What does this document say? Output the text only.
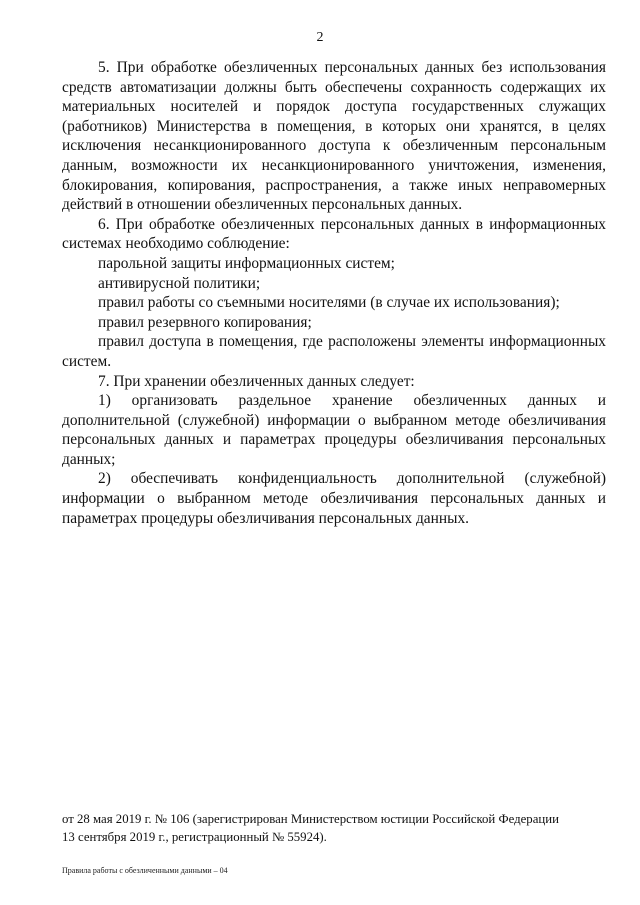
2

5. При обработке обезличенных персональных данных без использования средств автоматизации должны быть обеспечены сохранность содержащих их материальных носителей и порядок доступа государственных служащих (работников) Министерства в помещения, в которых они хранятся, в целях исключения несанкционированного доступа к обезличенным персональным данным, возможности их несанкционированного уничтожения, изменения, блокирования, копирования, распространения, а также иных неправомерных действий в отношении обезличенных персональных данных.

6. При обработке обезличенных персональных данных в информационных системах необходимо соблюдение:

парольной защиты информационных систем;

антивирусной политики;

правил работы со съемными носителями (в случае их использования);

правил резервного копирования;

правил доступа в помещения, где расположены элементы информационных систем.

7. При хранении обезличенных данных следует:

1) организовать раздельное хранение обезличенных данных и дополнительной (служебной) информации о выбранном методе обезличивания персональных данных и параметрах процедуры обезличивания персональных данных;

2) обеспечивать конфиденциальность дополнительной (служебной) информации о выбранном методе обезличивания персональных данных и параметрах процедуры обезличивания персональных данных.

от 28 мая 2019 г. № 106 (зарегистрирован Министерством юстиции Российской Федерации

13 сентября 2019 г., регистрационный № 55924).

Правила работы с обезличенными данными – 04
